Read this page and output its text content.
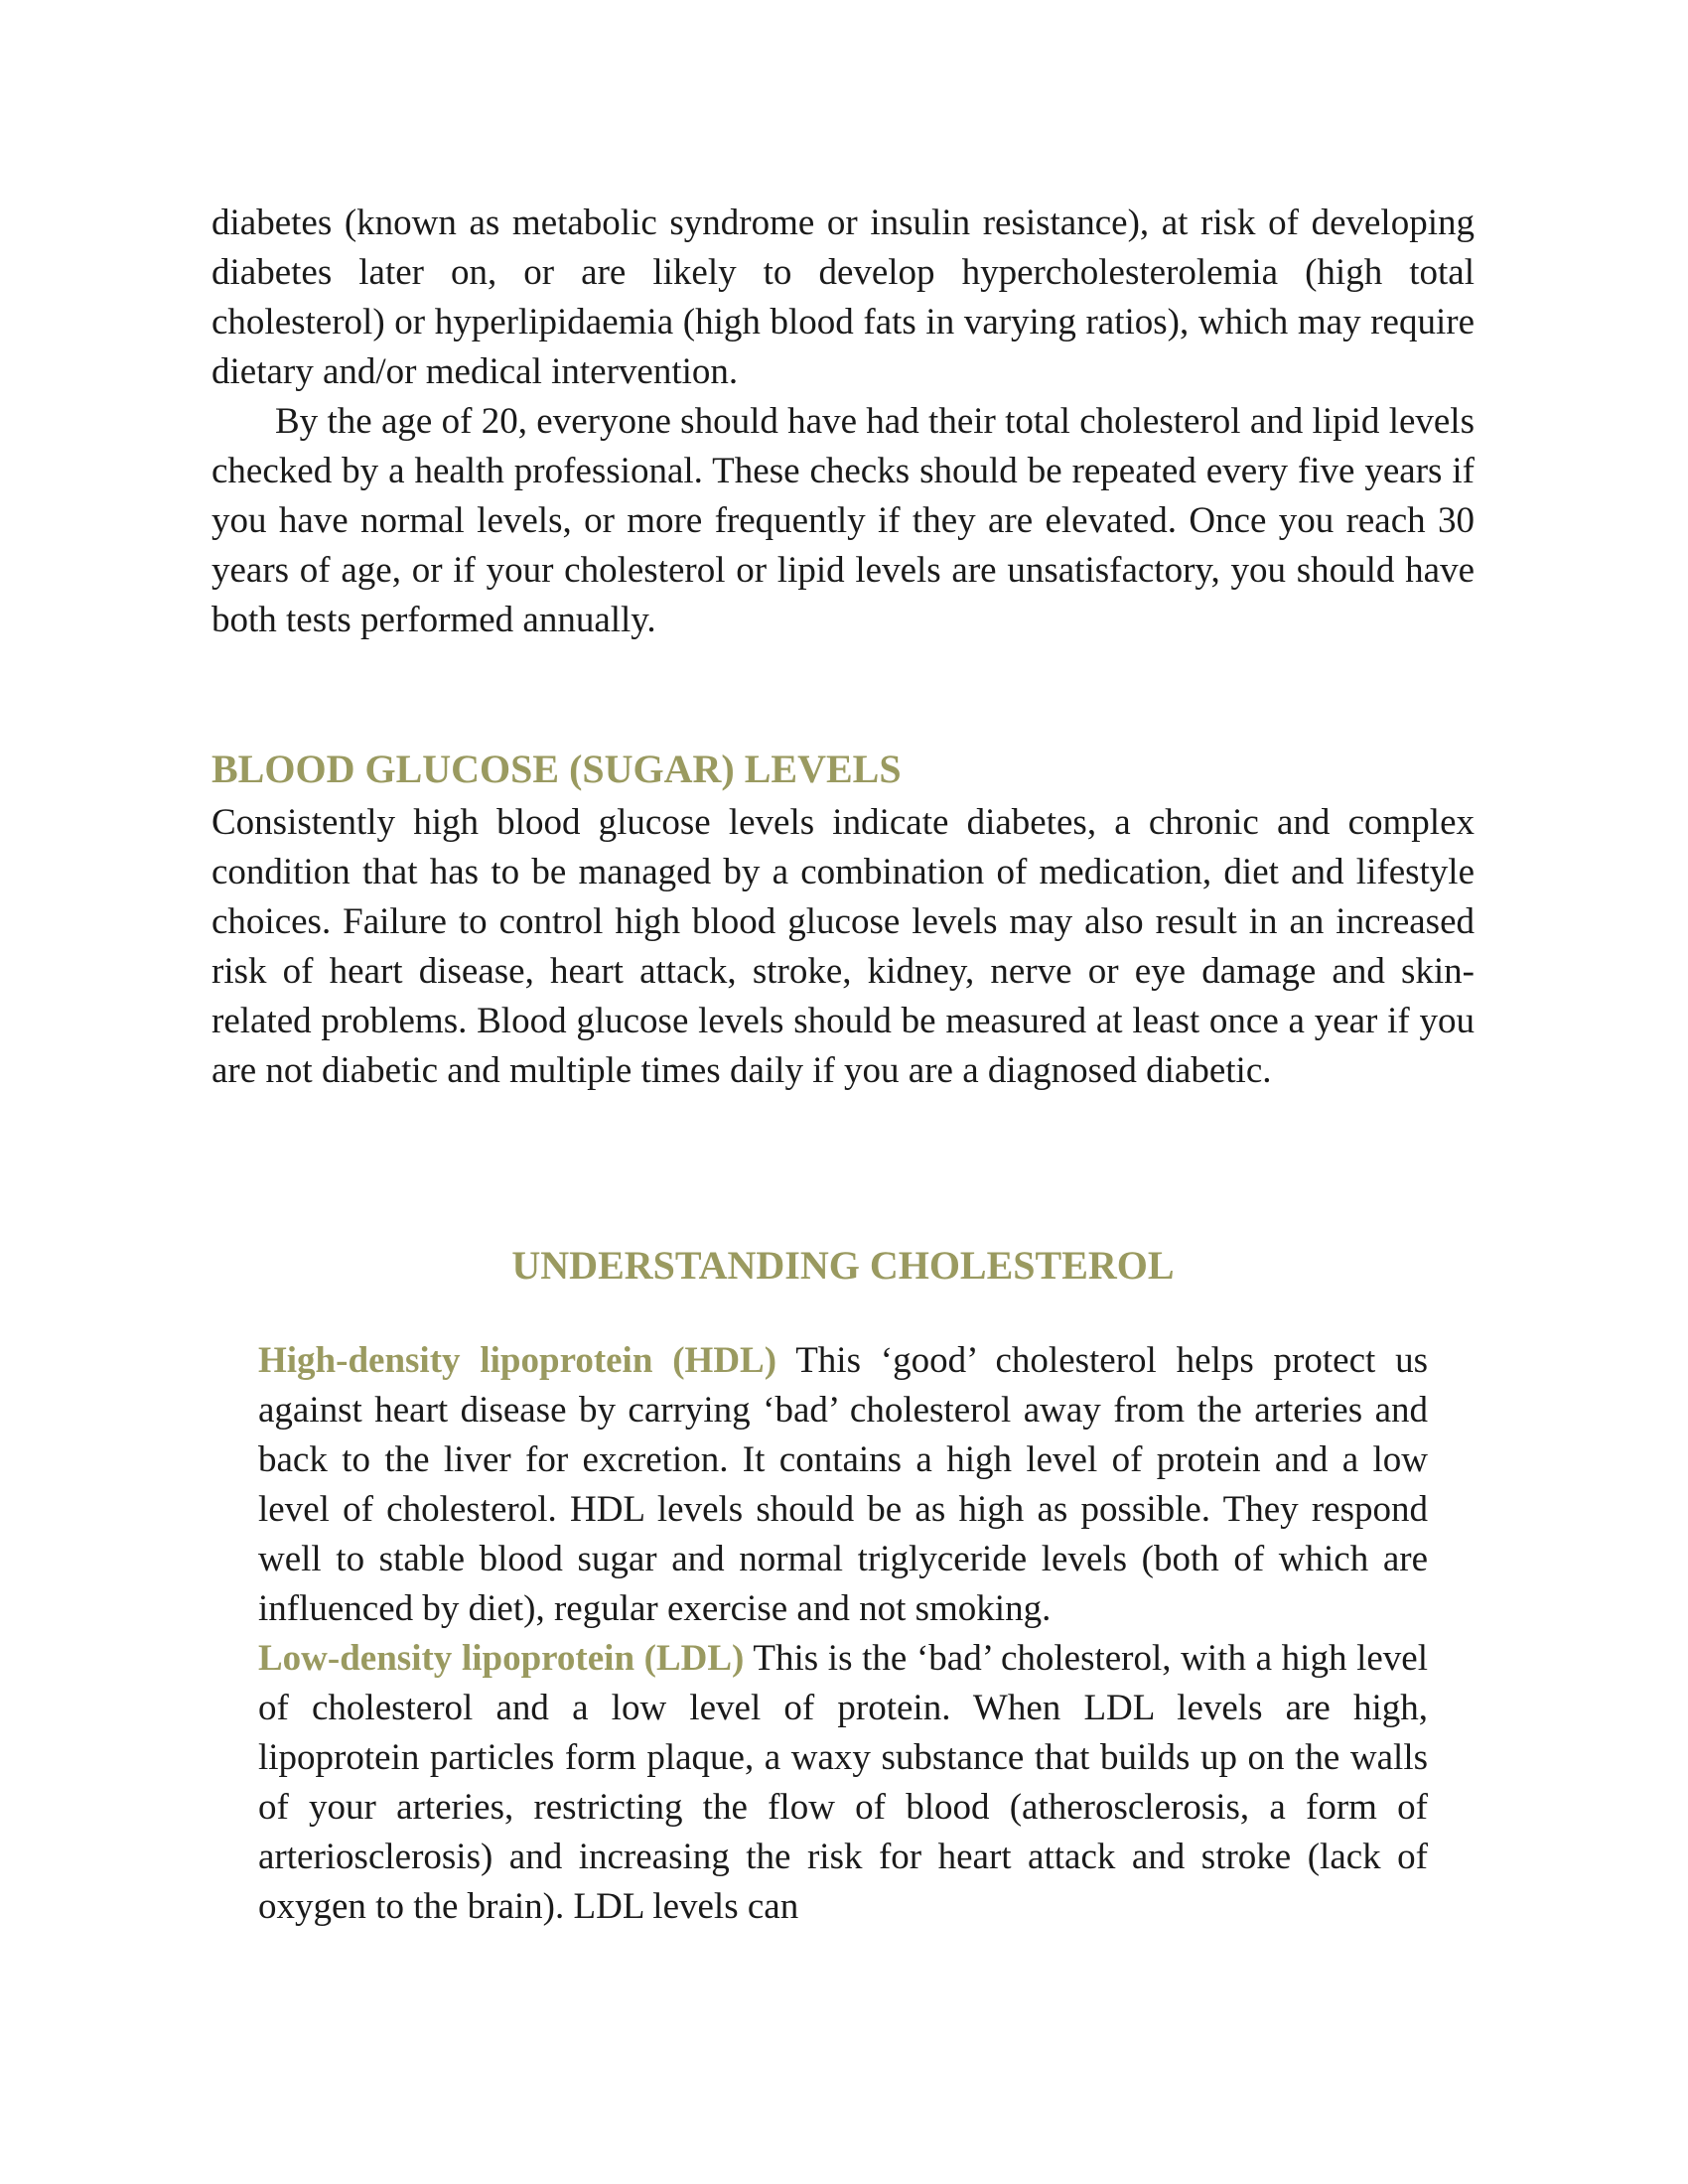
diabetes (known as metabolic syndrome or insulin resistance), at risk of developing diabetes later on, or are likely to develop hypercholesterolemia (high total cholesterol) or hyperlipidaemia (high blood fats in varying ratios), which may require dietary and/or medical intervention.

By the age of 20, everyone should have had their total cholesterol and lipid levels checked by a health professional. These checks should be repeated every five years if you have normal levels, or more frequently if they are elevated. Once you reach 30 years of age, or if your cholesterol or lipid levels are unsatisfactory, you should have both tests performed annually.

BLOOD GLUCOSE (SUGAR) LEVELS

Consistently high blood glucose levels indicate diabetes, a chronic and complex condition that has to be managed by a combination of medication, diet and lifestyle choices. Failure to control high blood glucose levels may also result in an increased risk of heart disease, heart attack, stroke, kidney, nerve or eye damage and skin-related problems. Blood glucose levels should be measured at least once a year if you are not diabetic and multiple times daily if you are a diagnosed diabetic.

UNDERSTANDING CHOLESTEROL

High-density lipoprotein (HDL) This ‘good’ cholesterol helps protect us against heart disease by carrying ‘bad’ cholesterol away from the arteries and back to the liver for excretion. It contains a high level of protein and a low level of cholesterol. HDL levels should be as high as possible. They respond well to stable blood sugar and normal triglyceride levels (both of which are influenced by diet), regular exercise and not smoking.

Low-density lipoprotein (LDL) This is the ‘bad’ cholesterol, with a high level of cholesterol and a low level of protein. When LDL levels are high, lipoprotein particles form plaque, a waxy substance that builds up on the walls of your arteries, restricting the flow of blood (atherosclerosis, a form of arteriosclerosis) and increasing the risk for heart attack and stroke (lack of oxygen to the brain). LDL levels can
